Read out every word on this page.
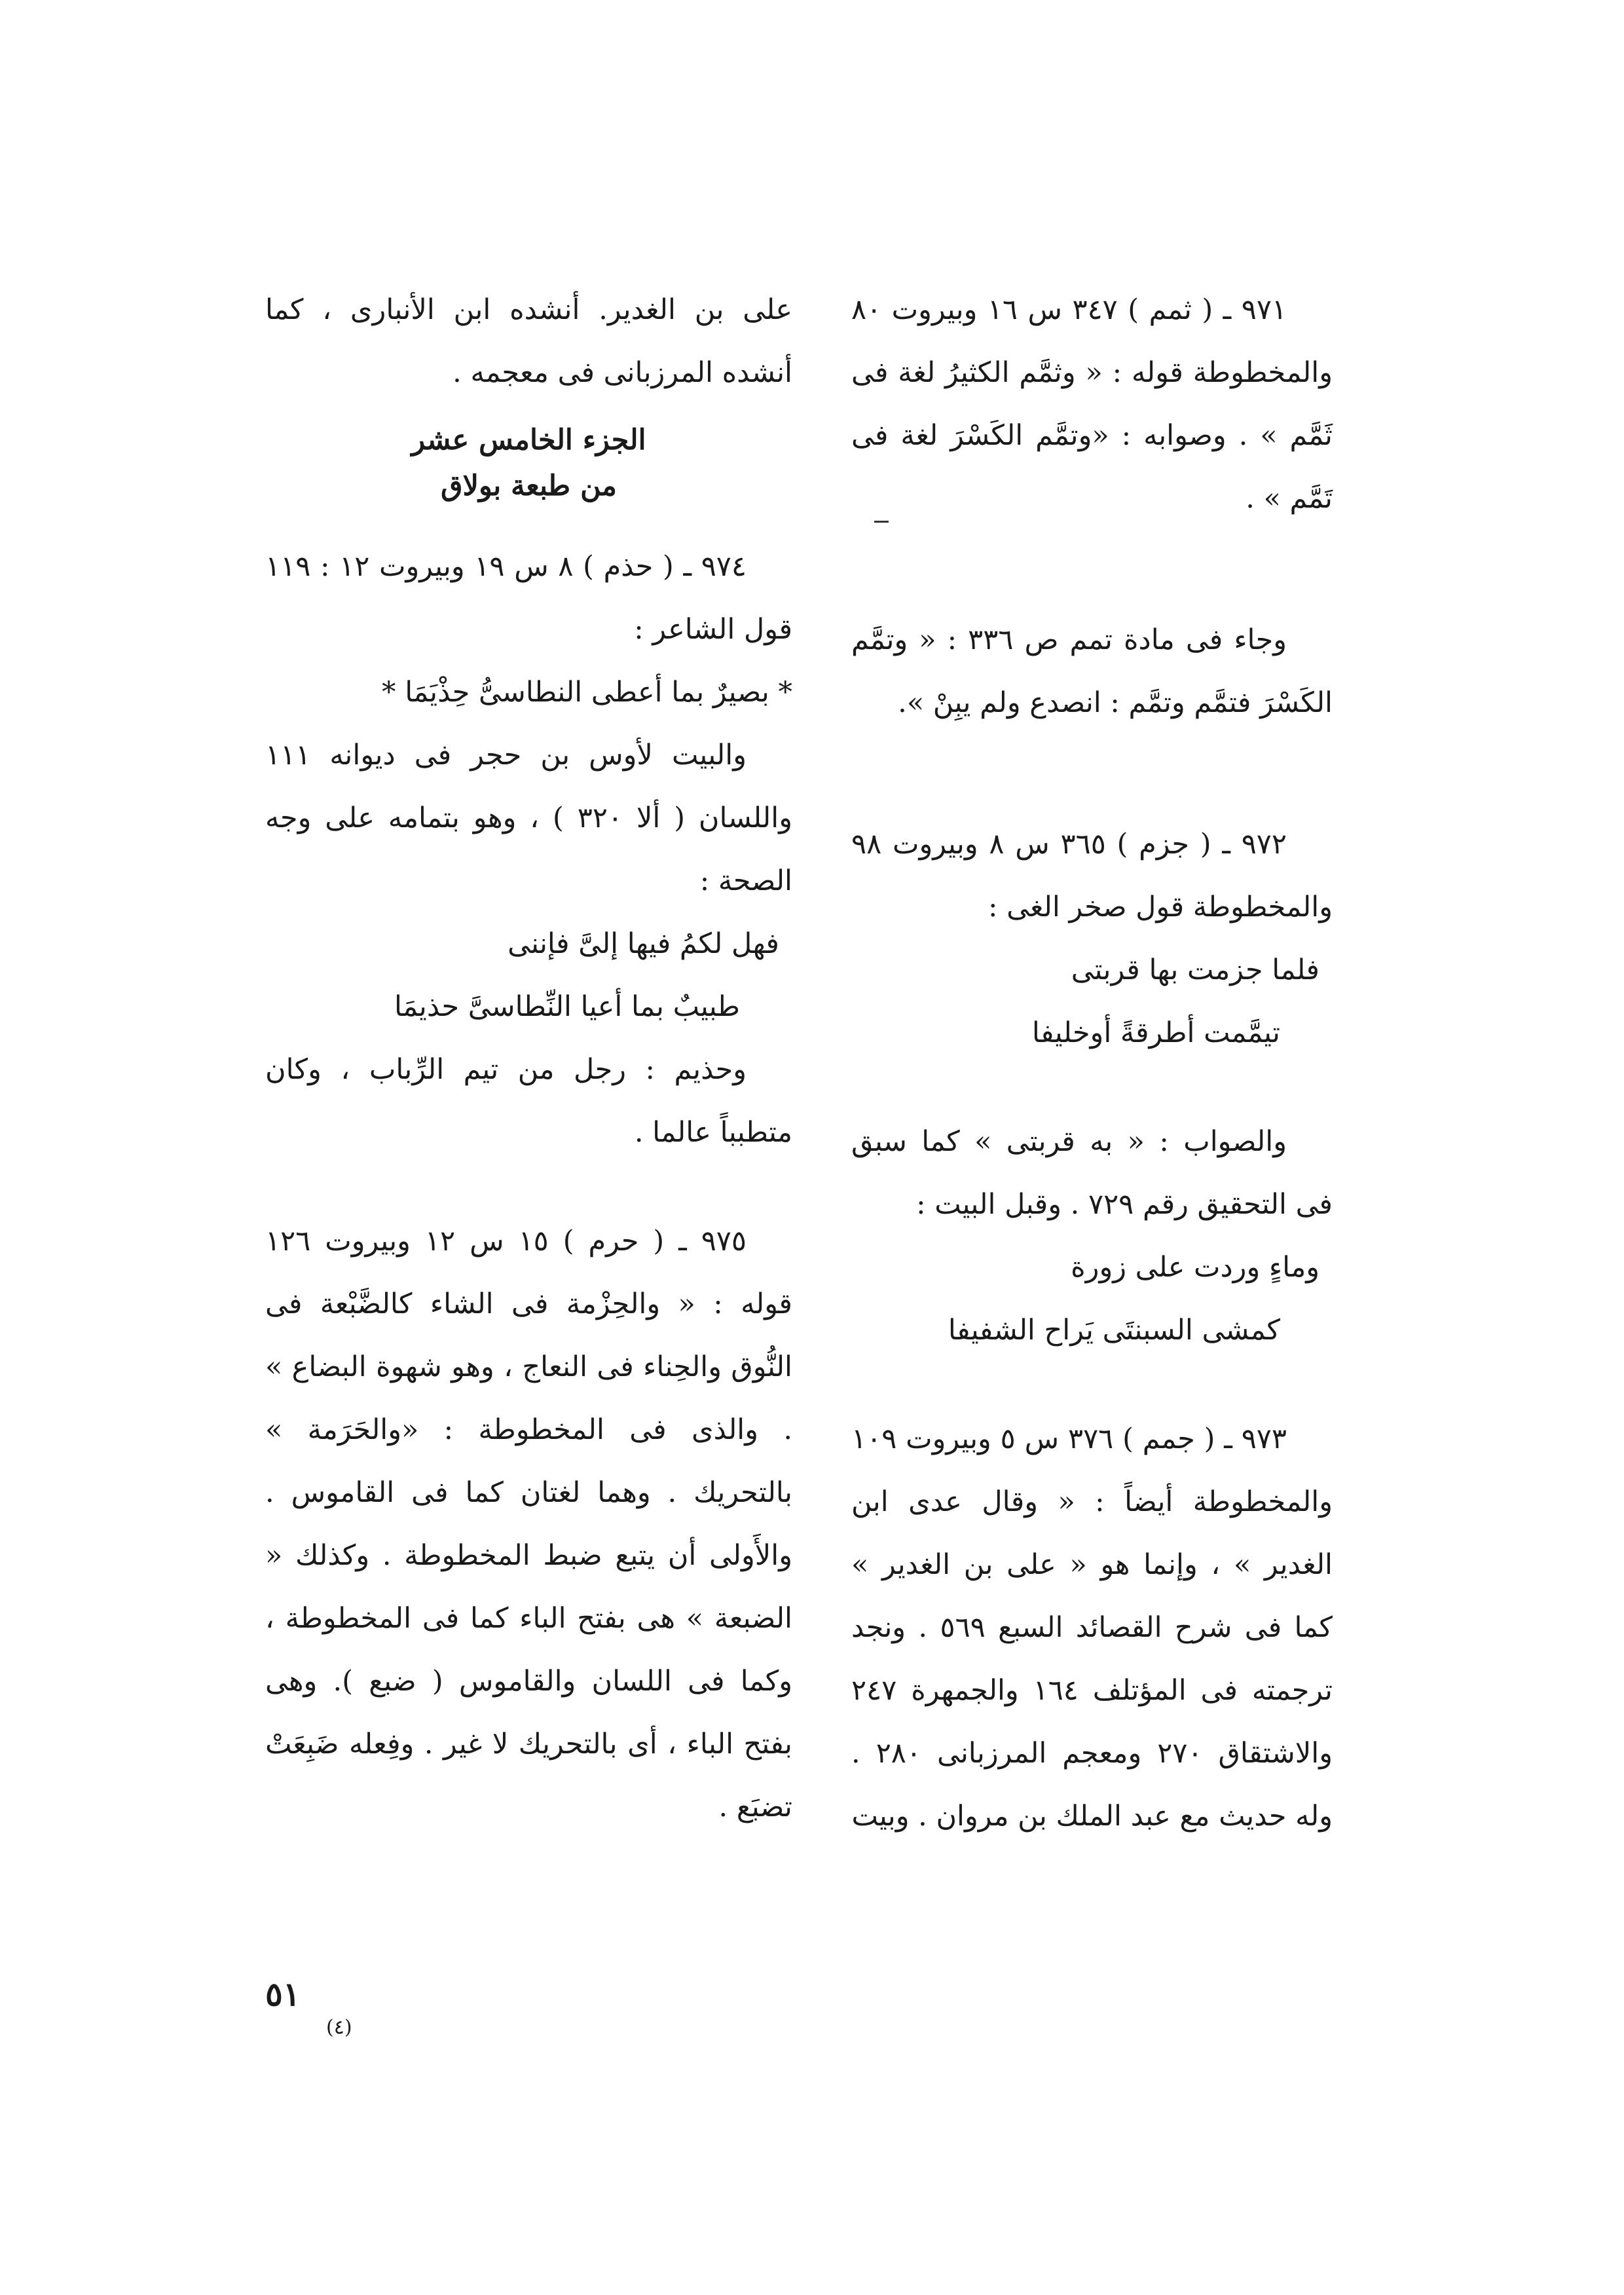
٩٧١ ـ ( ثمم ) ٣٤٧ س ١٦ وبيروت ٨٠ والمخطوطة قوله : « وثمَّم الكثيرُ لغة فى ثَمَّم » . وصوابه : «وتمَّم الكَسْرَ لغة فى تَمَّم » .

وجاء فى مادة تمم ص ٣٣٦ : « وتمَّم الكَسْرَ فتمَّم وتمَّم : انصدع ولم يبِنْ ».

٩٧٢ ـ ( جزم ) ٣٦٥ س ٨ وبيروت ٩٨ والمخطوطة قول صخر الغى :

فلما جزمت بها قربتى

تيمَّمت أطرقةً أوخليفا

والصواب : « به قربتى » كما سبق فى التحقيق رقم ٧٢٩ . وقبل البيت :

وماءٍ وردت على زورة

كمشى السبنتَى يَراح الشفيفا

٩٧٣ ـ ( جمم ) ٣٧٦ س ٥ وبيروت ١٠٩ والمخطوطة أيضاً : « وقال عدى ابن الغدير » ، وإنما هو « على بن الغدير » كما فى شرح القصائد السبع ٥٦٩ . ونجد ترجمته فى المؤتلف ١٦٤ والجمهرة ٢٤٧ والاشتقاق ٢٧٠ ومعجم المرزبانى ٢٨٠ . وله حديث مع عبد الملك بن مروان . وبيت

على بن الغدير. أنشده ابن الأنبارى ، كما أنشده المرزبانى فى معجمه .

الجزء الخامس عشر
من طبعة بولاق

٩٧٤ ـ ( حذم ) ٨ س ١٩ وبيروت ١٢ : ١١٩ قول الشاعر :

* بصيرٌ بما أعطى النطاسىُّ حِذْيَمَا *

والبيت لأوس بن حجر فى ديوانه ١١١ واللسان ( ألا ٣٢٠ ) ، وهو بتمامه على وجه الصحة :

فهل لكمُ فيها إلىَّ فإننى

طبيبٌ بما أعيا النِّطاسىَّ حذيمَا

وحذيم : رجل من تيم الرِّباب ، وكان متطبباً عالما .

٩٧٥ ـ ( حرم ) ١٥ س ١٢ وبيروت ١٢٦ قوله : « والحِزْمة فى الشاء كالضَّبْعة فى النُّوق والحِناء فى النعاج ، وهو شهوة البضاع » . والذى فى المخطوطة : «والحَرَمة » بالتحريك . وهما لغتان كما فى القاموس . والأَولى أن يتبع ضبط المخطوطة . وكذلك « الضبعة » هى بفتح الباء كما فى المخطوطة ، وكما فى اللسان والقاموس ( ضبع ). وهى بفتح الباء ، أى بالتحريك لا غير . وفِعله ضَبِعَتْ تضبَع .

٥١
(٤)
